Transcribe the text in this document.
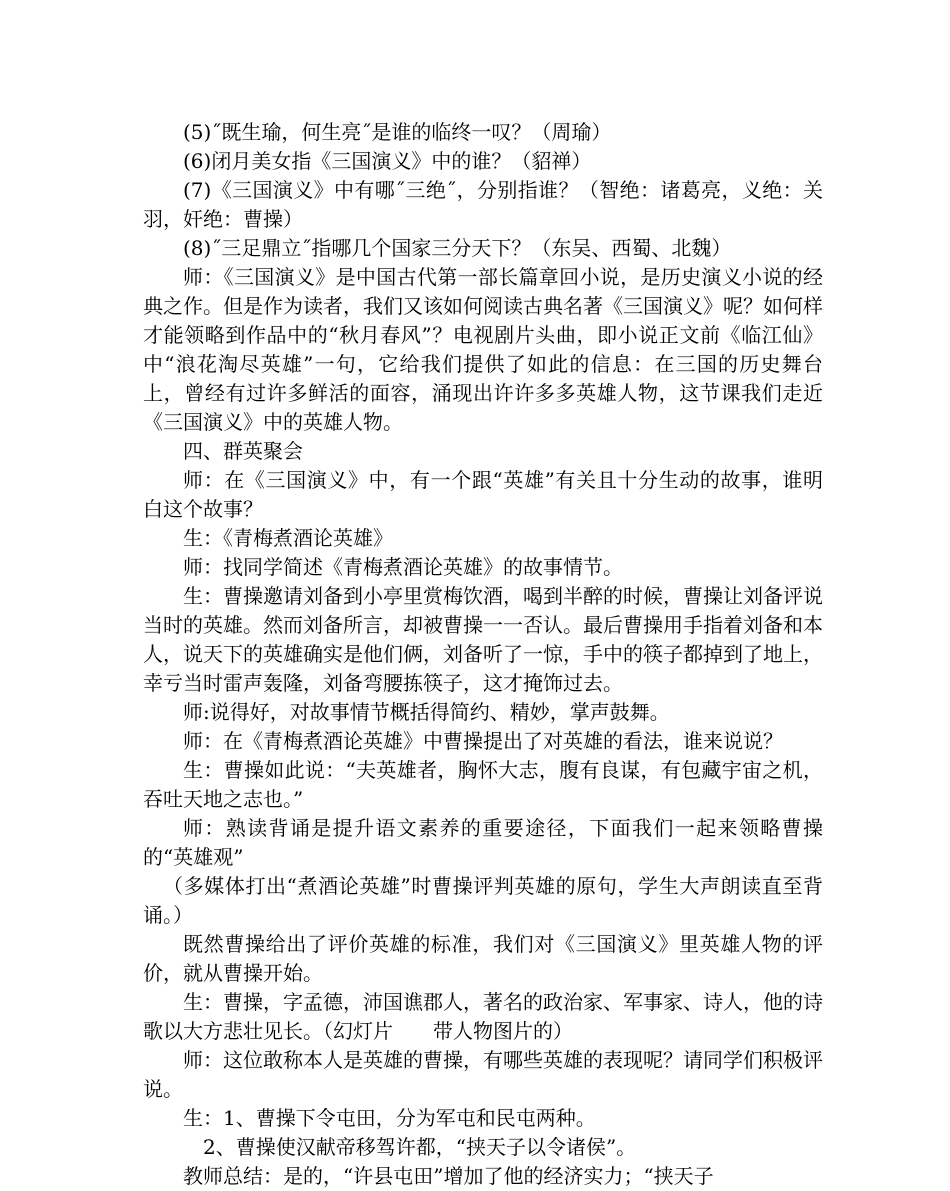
(5)˝既生瑜，何生亮˝是谁的临终一叹？（周瑜）

(6)闭月美女指《三国演义》中的谁？（貂禅）

(7)《三国演义》中有哪˝三绝˝，分别指谁？（智绝：诸葛亮，义绝：关羽，奸绝：曹操）

(8)˝三足鼎立˝指哪几个国家三分天下？（东吴、西蜀、北魏）

师：《三国演义》是中国古代第一部长篇章回小说，是历史演义小说的经典之作。但是作为读者，我们又该如何阅读古典名著《三国演义》呢？如何样才能领略到作品中的“秋月春风”？电视剧片头曲，即小说正文前《临江仙》中“浪花淘尽英雄”一句，它给我们提供了如此的信息：在三国的历史舞台上，曾经有过许多鲜活的面容，涌现出许许多多英雄人物，这节课我们走近《三国演义》中的英雄人物。

四、群英聚会

师：在《三国演义》中，有一个跟“英雄”有关且十分生动的故事，谁明白这个故事？

生：《青梅煮酒论英雄》

师：找同学简述《青梅煮酒论英雄》的故事情节。

生：曹操邀请刘备到小亭里赏梅饮酒，喝到半醉的时候，曹操让刘备评说当时的英雄。然而刘备所言，却被曹操一一否认。最后曹操用手指着刘备和本人，说天下的英雄确实是他们俩，刘备听了一惊，手中的筷子都掉到了地上，幸亏当时雷声轰隆，刘备弯腰拣筷子，这才掩饰过去。

师:说得好，对故事情节概括得简约、精妙，掌声鼓舞。

师：在《青梅煮酒论英雄》中曹操提出了对英雄的看法，谁来说说？

生：曹操如此说：“夫英雄者，胸怀大志，腹有良谋，有包藏宇宙之机，吞吐天地之志也。”

师：熟读背诵是提升语文素养的重要途径，下面我们一起来领略曹操的“英雄观”

（多媒体打出“煮酒论英雄”时曹操评判英雄的原句，学生大声朗读直至背诵。）

既然曹操给出了评价英雄的标准，我们对《三国演义》里英雄人物的评价，就从曹操开始。

生：曹操，字孟德，沛国谯郡人，著名的政治家、军事家、诗人，他的诗歌以大方悲壮见长。（幻灯片　　带人物图片的）

师：这位敢称本人是英雄的曹操，有哪些英雄的表现呢？请同学们积极评说。

生：1、曹操下令屯田，分为军屯和民屯两种。

2、曹操使汉献帝移驾许都，“挟天子以令诸侯”。

教师总结：是的，“许县屯田”增加了他的经济实力；“挟天子
